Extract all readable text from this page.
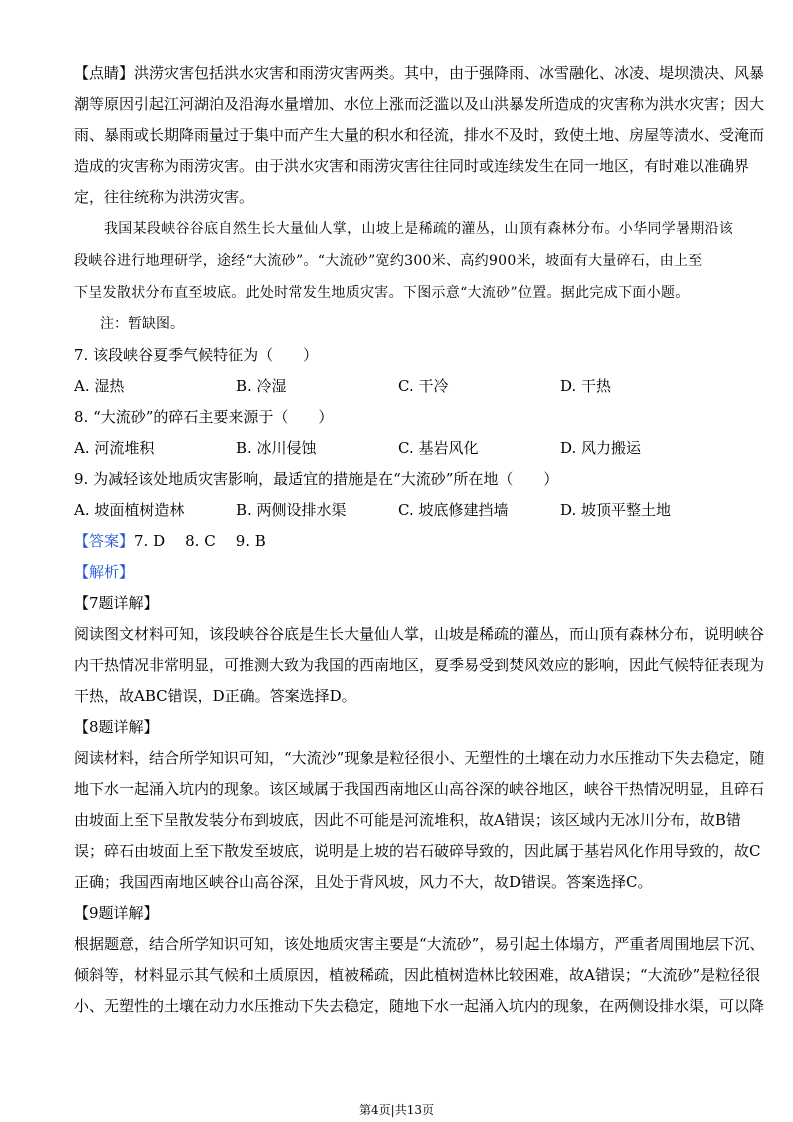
【点睛】洪涝灾害包括洪水灾害和雨涝灾害两类。其中，由于强降雨、冰雪融化、冰凌、堤坝溃决、风暴

潮等原因引起江河湖泊及沿海水量增加、水位上涨而泛滥以及山洪暴发所造成的灾害称为洪水灾害；因大

雨、暴雨或长期降雨量过于集中而产生大量的积水和径流，排水不及时，致使土地、房屋等渍水、受淹而

造成的灾害称为雨涝灾害。由于洪水灾害和雨涝灾害往往同时或连续发生在同一地区，有时难以准确界

定，往往统称为洪涝灾害。

我国某段峡谷谷底自然生长大量仙人掌，山坡上是稀疏的灌丛，山顶有森林分布。小华同学暑期沿该

段峡谷进行地理研学，途经“大流砂”。“大流砂”宽约300米、高约900米，坡面有大量碎石，由上至

下呈发散状分布直至坡底。此处时常发生地质灾害。下图示意“大流砂”位置。据此完成下面小题。

注：暂缺图。

7. 该段峡谷夏季气候特征为（　　）

A. 湿热	B. 冷湿	C. 干冷	D. 干热

8. “大流砂”的碎石主要来源于（　　）

A. 河流堆积	B. 冰川侵蚀	C. 基岩风化	D. 风力搬运

9. 为减轻该处地质灾害影响，最适宜的措施是在“大流砂”所在地（　　）

A. 坡面植树造林	B. 两侧设排水渠	C. 坡底修建挡墙	D. 坡顶平整土地
【答案】7. D 8. C 9. B

【解析】

【7题详解】

阅读图文材料可知，该段峡谷谷底是生长大量仙人掌，山坡是稀疏的灌丛，而山顶有森林分布，说明峡谷

内干热情况非常明显，可推测大致为我国的西南地区，夏季易受到焚风效应的影响，因此气候特征表现为

干热，故ABC错误，D正确。答案选择D。

【8题详解】

阅读材料，结合所学知识可知，“大流沙”现象是粒径很小、无塑性的土壤在动力水压推动下失去稳定，随

地下水一起涌入坑内的现象。该区域属于我国西南地区山高谷深的峡谷地区，峡谷干热情况明显，且碎石

由坡面上至下呈散发装分布到坡底，因此不可能是河流堆积，故A错误；该区域内无冰川分布，故B错

误；碎石由坡面上至下散发至坡底，说明是上坡的岩石破碎导致的，因此属于基岩风化作用导致的，故C

正确；我国西南地区峡谷山高谷深，且处于背风坡，风力不大，故D错误。答案选择C。

【9题详解】

根据题意，结合所学知识可知，该处地质灾害主要是“大流砂”，易引起土体塌方，严重者周围地层下沉、

倾斜等，材料显示其气候和土质原因，植被稀疏，因此植树造林比较困难，故A错误；“大流砂”是粒径很

小、无塑性的土壤在动力水压推动下失去稳定，随地下水一起涌入坑内的现象，在两侧设排水渠，可以降

第4页|共13页
